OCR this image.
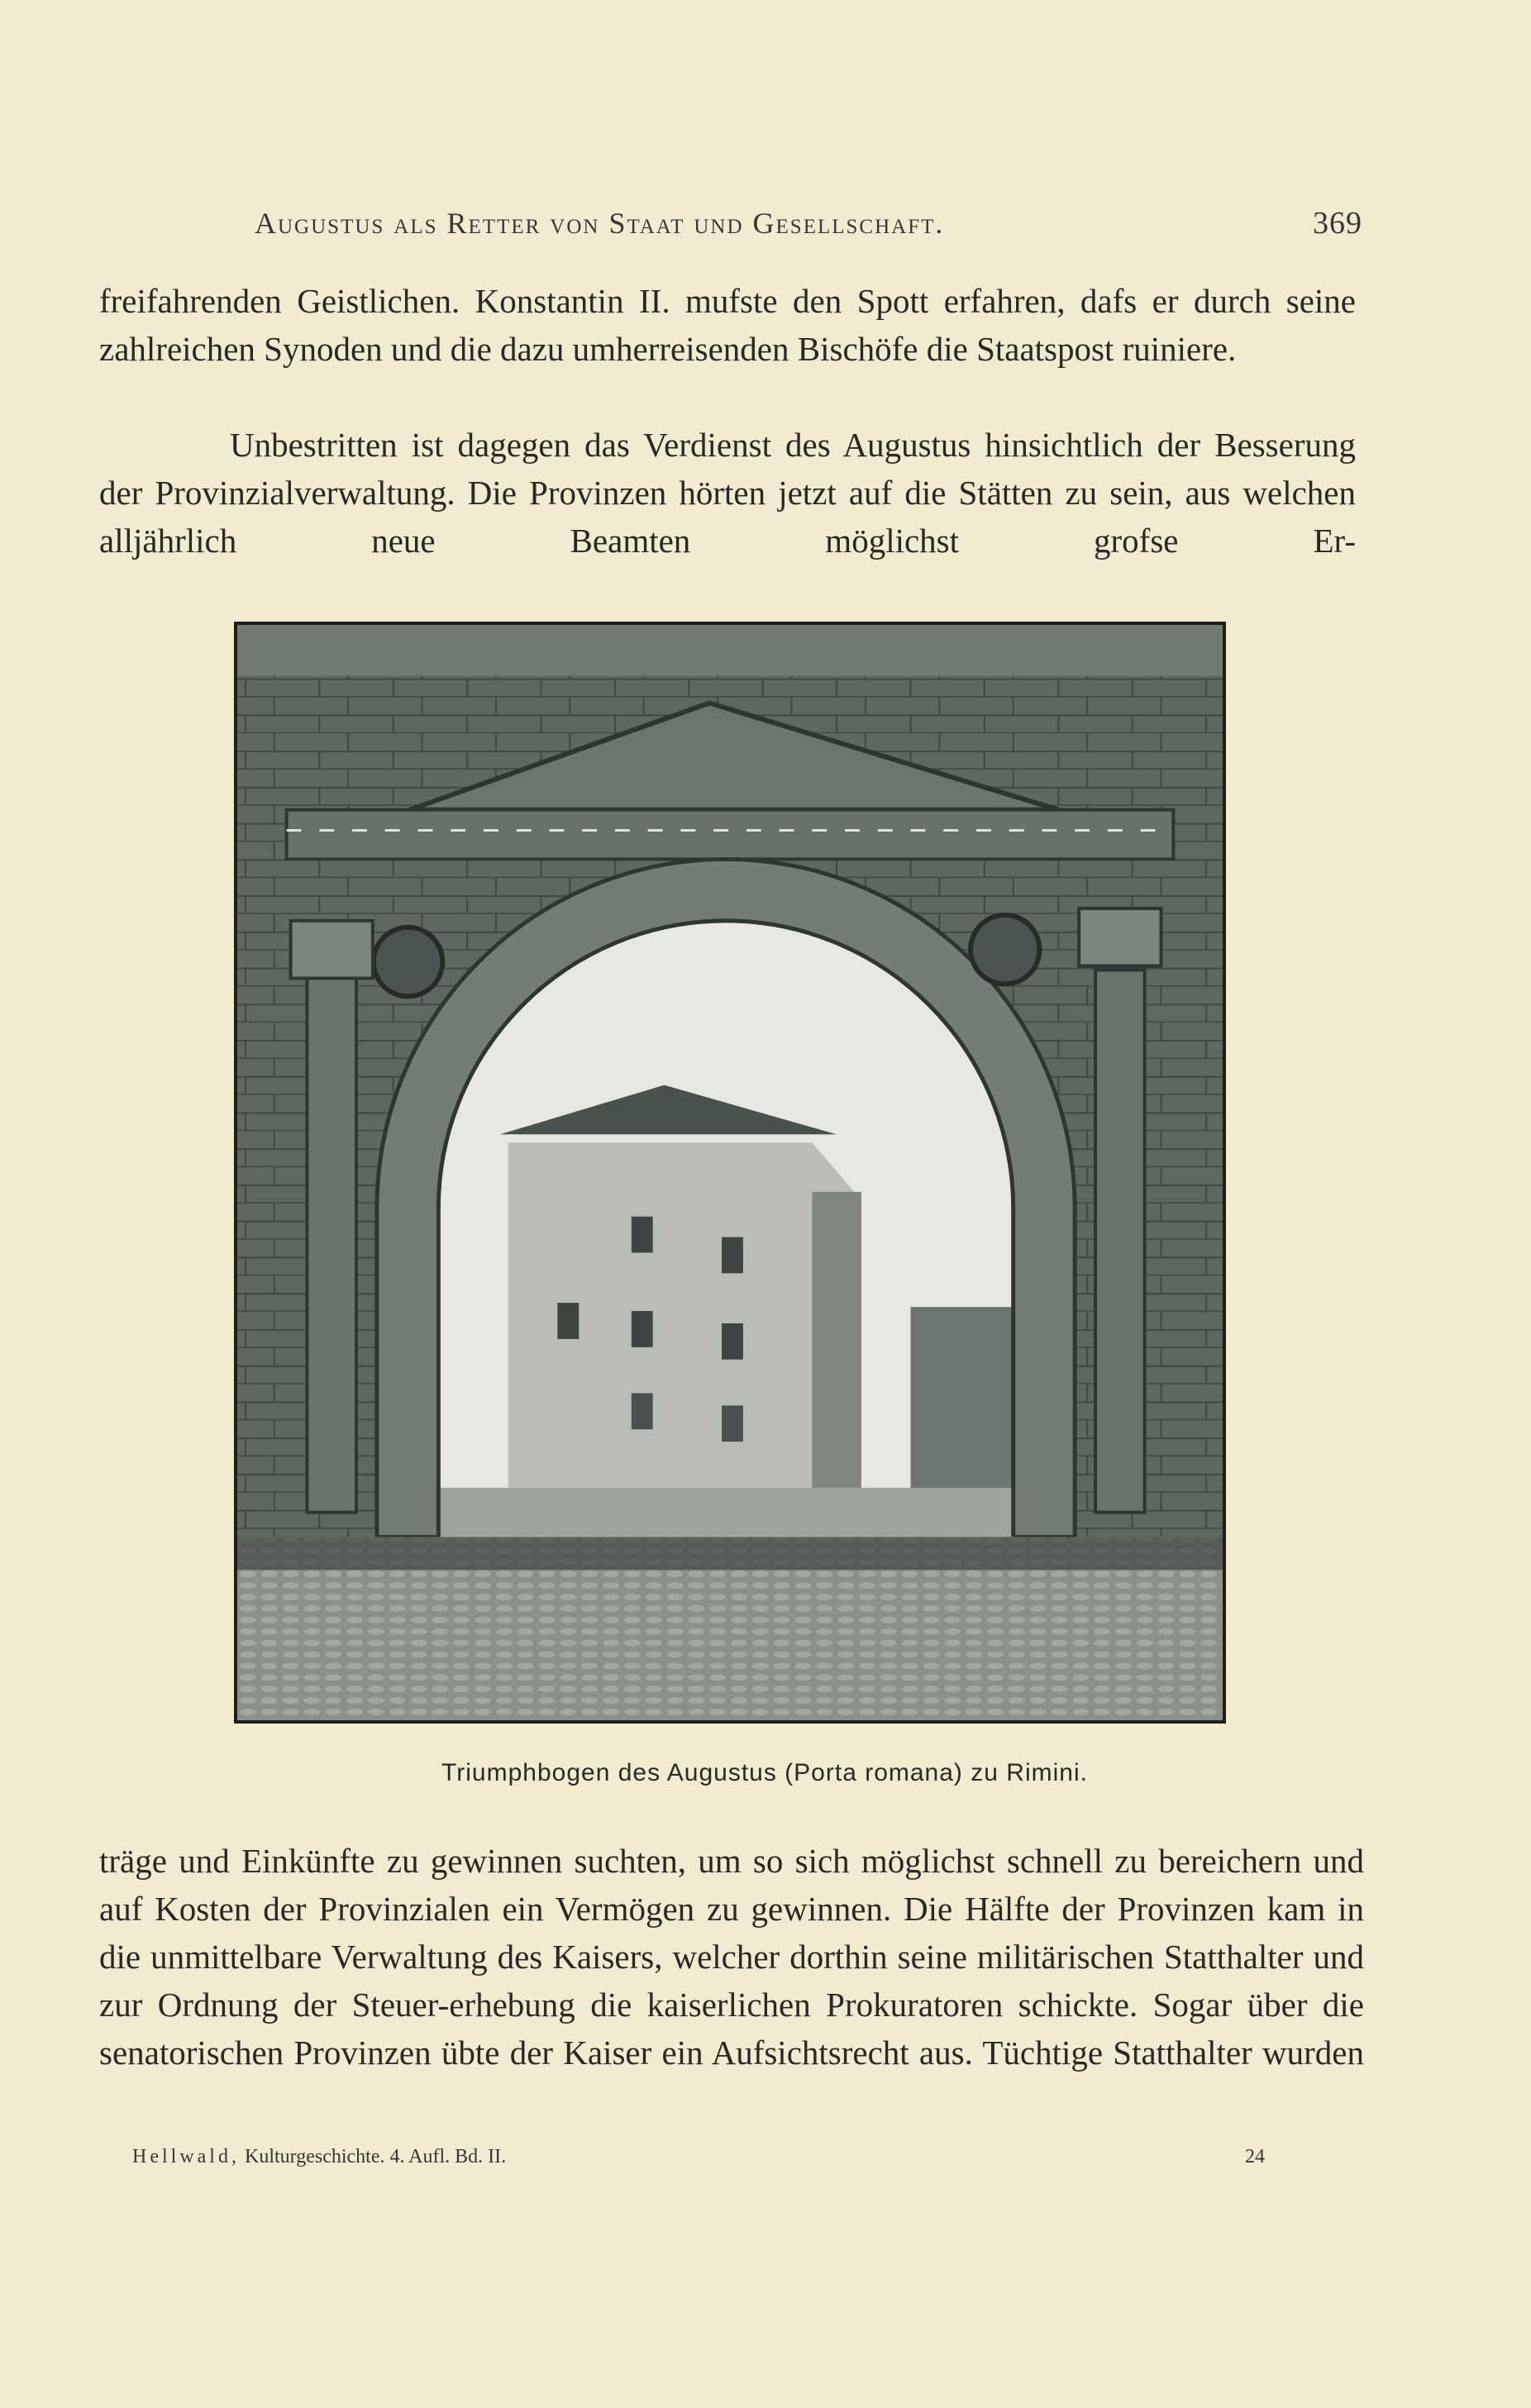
Augustus als Retter von Staat und Gesellschaft.	369

freifahrenden Geistlichen. Konstantin II. mufste den Spott erfahren, dafs er durch seine zahlreichen Synoden und die dazu umherreisenden Bischöfe die Staatspost ruiniere.

Unbestritten ist dagegen das Verdienst des Augustus hinsichtlich der Besserung der Provinzialverwaltung. Die Provinzen hörten jetzt auf die Stätten zu sein, aus welchen alljährlich neue Beamten möglichst grofse Er-

Triumphbogen des Augustus (Porta romana) zu Rimini.

träge und Einkünfte zu gewinnen suchten, um so sich möglichst schnell zu bereichern und auf Kosten der Provinzialen ein Vermögen zu gewinnen. Die Hälfte der Provinzen kam in die unmittelbare Verwaltung des Kaisers, welcher dorthin seine militärischen Statthalter und zur Ordnung der Steuer-erhebung die kaiserlichen Prokuratoren schickte. Sogar über die senatorischen Provinzen übte der Kaiser ein Aufsichtsrecht aus. Tüchtige Statthalter wurden

Hellwald, Kulturgeschichte. 4. Aufl. Bd. II.	24
